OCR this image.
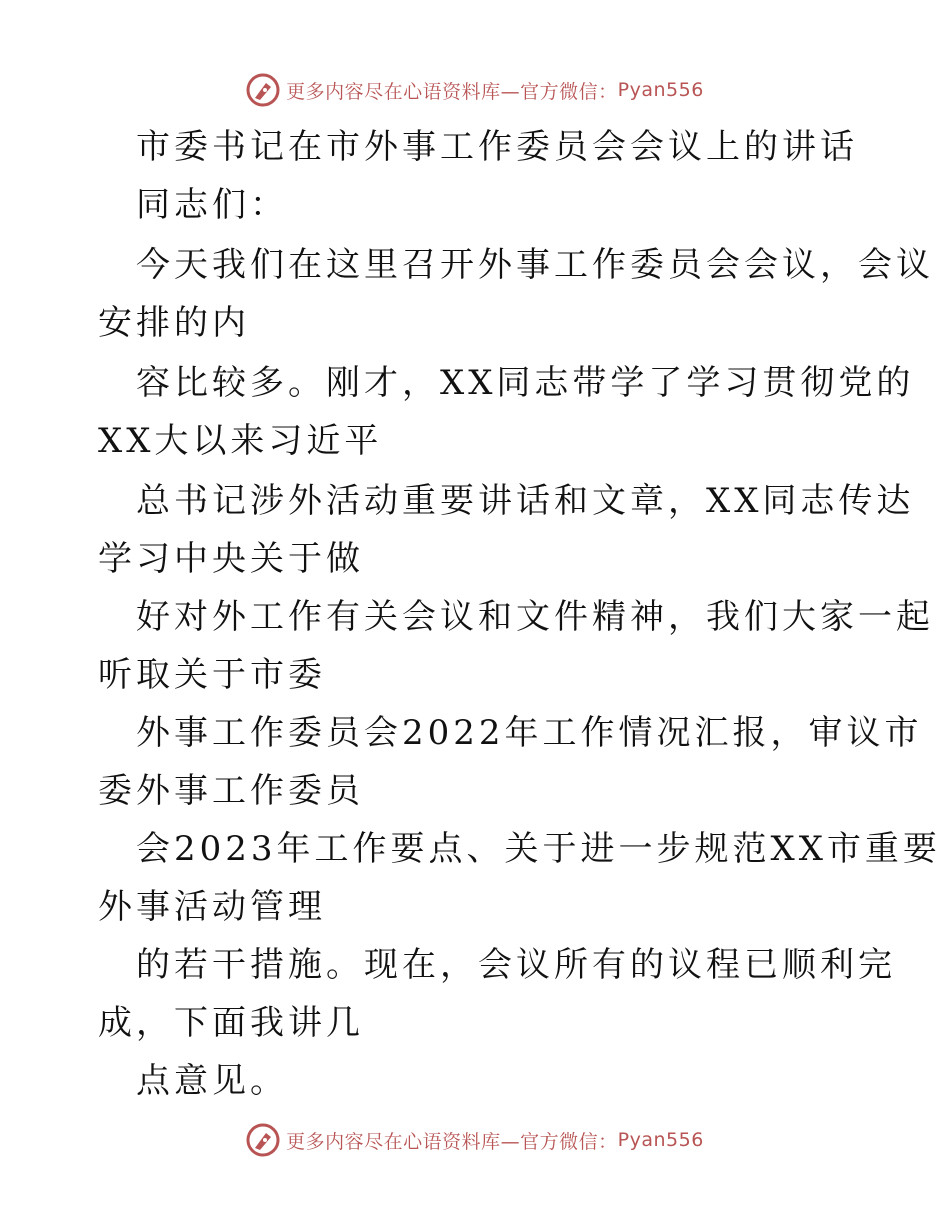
更多内容尽在心语资料库—官方微信： Pyan556
市委书记在市外事工作委员会会议上的讲话
同志们：
今天我们在这里召开外事工作委员会会议，会议
安排的内
容比较多。刚才，XX同志带学了学习贯彻党的
XX大以来习近平
总书记涉外活动重要讲话和文章，XX同志传达
学习中央关于做
好对外工作有关会议和文件精神，我们大家一起
听取关于市委
外事工作委员会2022年工作情况汇报，审议市
委外事工作委员
会2023年工作要点、关于进一步规范XX市重要
外事活动管理
的若干措施。现在，会议所有的议程已顺利完
成，下面我讲几
点意见。
更多内容尽在心语资料库—官方微信： Pyan556
